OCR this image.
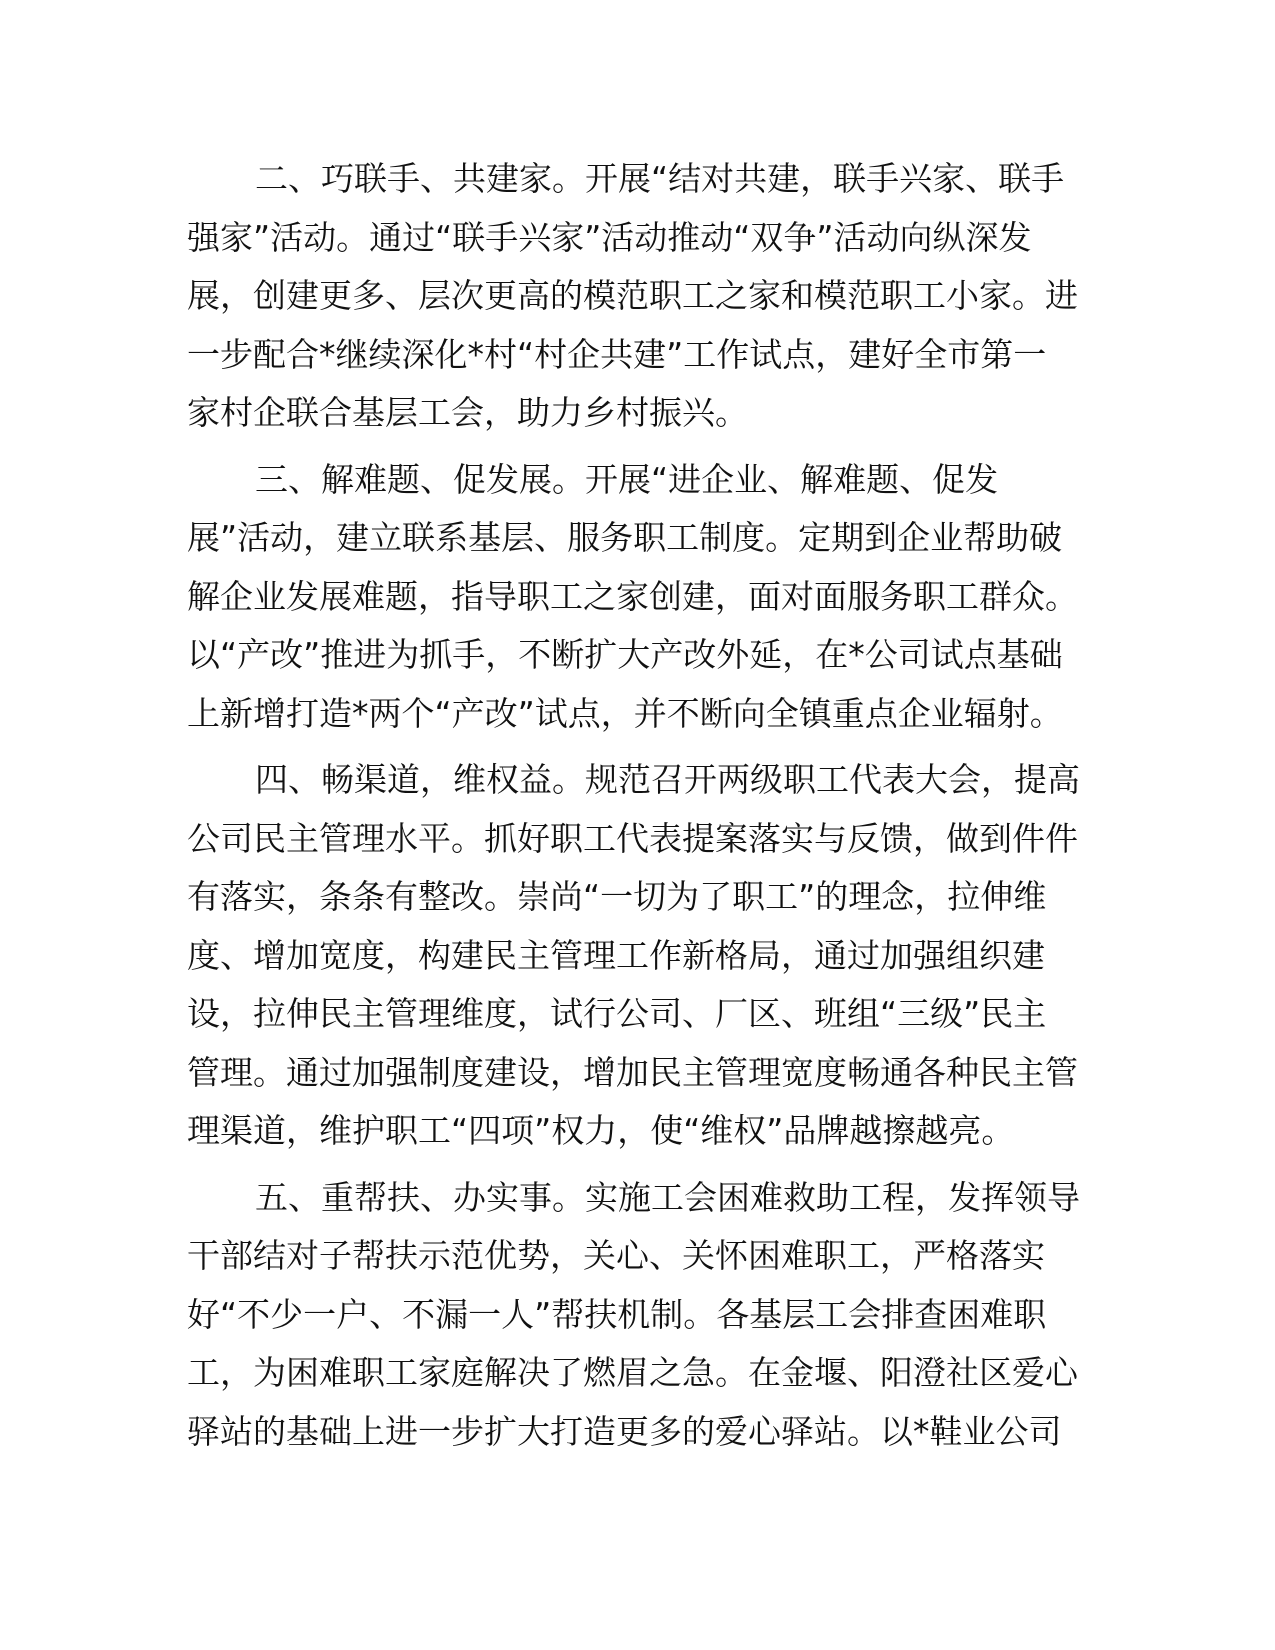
二、巧联手、共建家。开展“结对共建，联手兴家、联手
强家”活动。通过“联手兴家”活动推动“双争”活动向纵深发
展，创建更多、层次更高的模范职工之家和模范职工小家。进
一步配合*继续深化*村“村企共建”工作试点，建好全市第一
家村企联合基层工会，助力乡村振兴。

三、解难题、促发展。开展“进企业、解难题、促发
展”活动，建立联系基层、服务职工制度。定期到企业帮助破
解企业发展难题，指导职工之家创建，面对面服务职工群众。
以“产改”推进为抓手，不断扩大产改外延，在*公司试点基础
上新增打造*两个“产改”试点，并不断向全镇重点企业辐射。

四、畅渠道，维权益。规范召开两级职工代表大会，提高
公司民主管理水平。抓好职工代表提案落实与反馈，做到件件
有落实，条条有整改。崇尚“一切为了职工”的理念，拉伸维
度、增加宽度，构建民主管理工作新格局，通过加强组织建
设，拉伸民主管理维度，试行公司、厂区、班组“三级”民主
管理。通过加强制度建设，增加民主管理宽度畅通各种民主管
理渠道，维护职工“四项”权力，使“维权”品牌越擦越亮。

五、重帮扶、办实事。实施工会困难救助工程，发挥领导
干部结对子帮扶示范优势，关心、关怀困难职工，严格落实
好“不少一户、不漏一人”帮扶机制。各基层工会排查困难职
工，为困难职工家庭解决了燃眉之急。在金堰、阳澄社区爱心
驿站的基础上进一步扩大打造更多的爱心驿站。以*鞋业公司
